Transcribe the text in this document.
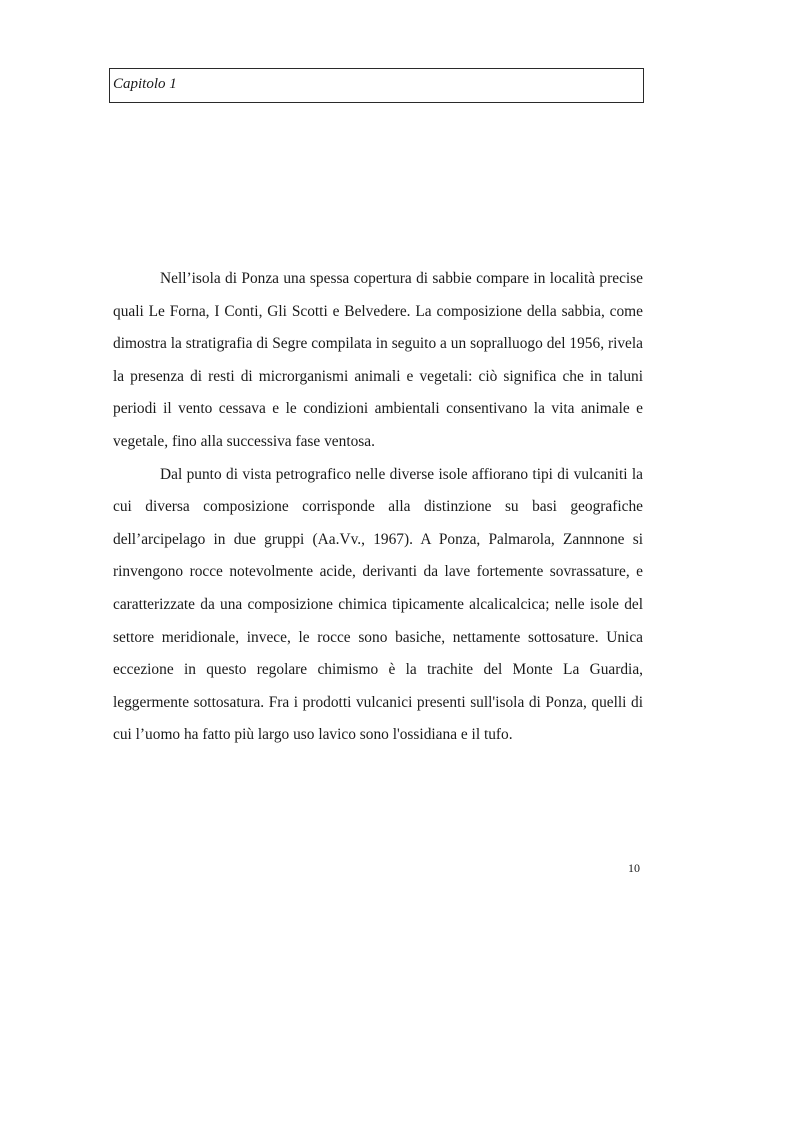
Capitolo 1

Nell’isola di Ponza una spessa copertura di sabbie compare in località precise quali Le Forna, I Conti, Gli Scotti e Belvedere. La composizione della sabbia, come dimostra la stratigrafia di Segre compilata in seguito a un sopralluogo del 1956, rivela la presenza di resti di microrganismi animali e vegetali: ciò significa che in taluni periodi il vento cessava e le condizioni ambientali consentivano la vita animale e vegetale, fino alla successiva fase ventosa.

Dal punto di vista petrografico nelle diverse isole affiorano tipi di vulcaniti la cui diversa composizione corrisponde alla distinzione su basi geografiche dell’arcipelago in due gruppi (Aa.Vv., 1967). A Ponza, Palmarola, Zannnone si rinvengono rocce notevolmente acide, derivanti da lave fortemente sovrassature, e caratterizzate da una composizione chimica tipicamente alcalicalcica; nelle isole del settore meridionale, invece, le rocce sono basiche, nettamente sottosature. Unica eccezione in questo regolare chimismo è la trachite del Monte La Guardia, leggermente sottosatura. Fra i prodotti vulcanici presenti sull'isola di Ponza, quelli di cui l’uomo ha fatto più largo uso lavico sono l'ossidiana e il tufo.

10
